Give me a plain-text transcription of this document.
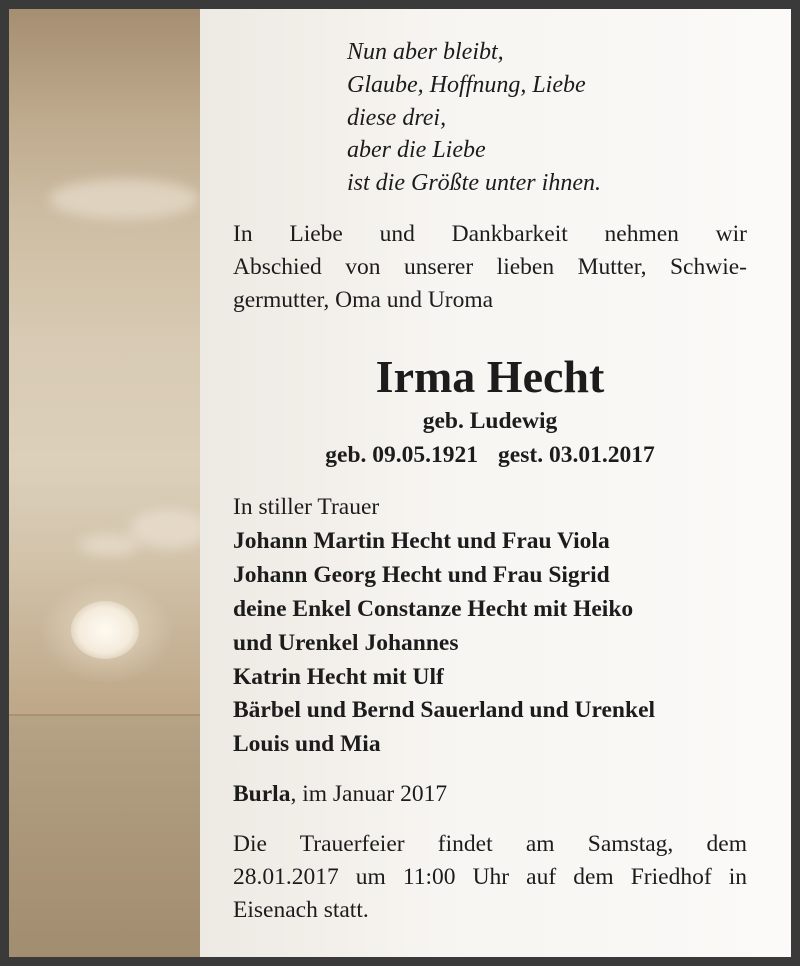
Nun aber bleibt,

Glaube, Hoffnung, Liebe

diese drei,

aber die Liebe

ist die Größte unter ihnen.

In Liebe und Dankbarkeit nehmen wir

Abschied von unserer lieben Mutter, Schwie-

germutter, Oma und Uroma

Irma Hecht

geb. Ludewig

geb. 09.05.1921 gest. 03.01.2017

In stiller Trauer

Johann Martin Hecht und Frau Viola

Johann Georg Hecht und Frau Sigrid

deine Enkel Constanze Hecht mit Heiko

und Urenkel Johannes

Katrin Hecht mit Ulf

Bärbel und Bernd Sauerland und Urenkel

Louis und Mia

Burla, im Januar 2017

Die Trauerfeier findet am Samstag, dem

28.01.2017 um 11:00 Uhr auf dem Friedhof in

Eisenach statt.
